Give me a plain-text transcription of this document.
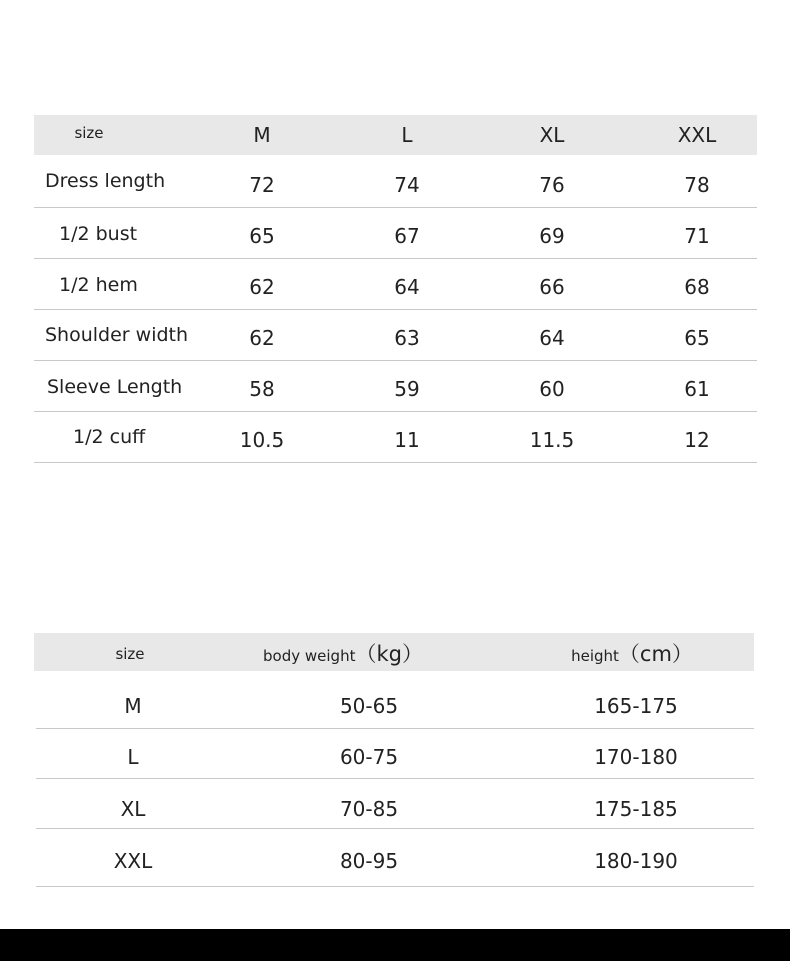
size	M	L	XL	XXL
Dress length	72	74	76	78
1/2 bust	65	67	69	71
1/2 hem	62	64	66	68
Shoulder width	62	63	64	65
Sleeve Length	58	59	60	61
1/2 cuff	10.5	11	11.5	12
size	body weight（kg）	height（cm）
M	50-65	165-175
L	60-75	170-180
XL	70-85	175-185
XXL	80-95	180-190
